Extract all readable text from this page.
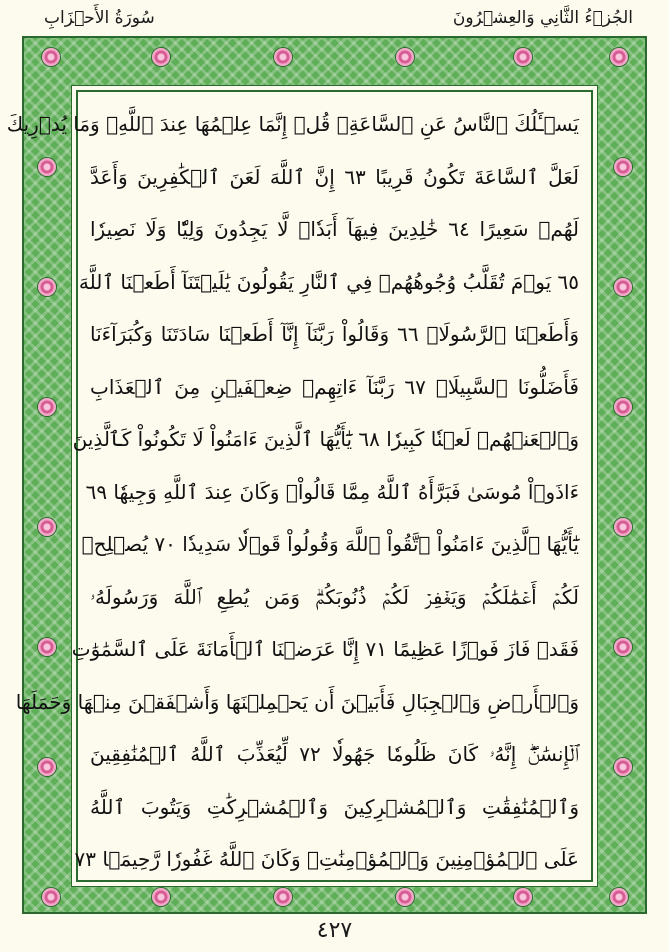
سُورَةُ الأَحۡزَابِ	الجُزۡءُ الثَّانِي وَالعِشۡرُونَ
يَسۡـَٔلُكَ ٱلنَّاسُ عَنِ ٱلسَّاعَةِۖ قُلۡ إِنَّمَا عِلۡمُهَا عِندَ ٱللَّهِۚ وَمَا يُدۡرِيكَ
لَعَلَّ ٱلسَّاعَةَ تَكُونُ قَرِيبًا ٦٣ إِنَّ ٱللَّهَ لَعَنَ ٱلۡكَٰفِرِينَ وَأَعَدَّ
لَهُمۡ سَعِيرًا ٦٤ خَٰلِدِينَ فِيهَآ أَبَدٗاۖ لَّا يَجِدُونَ وَلِيّٗا وَلَا نَصِيرٗا
٦٥ يَوۡمَ تُقَلَّبُ وُجُوهُهُمۡ فِي ٱلنَّارِ يَقُولُونَ يَٰلَيۡتَنَآ أَطَعۡنَا ٱللَّهَ
وَأَطَعۡنَا ٱلرَّسُولَا۠ ٦٦ وَقَالُواْ رَبَّنَآ إِنَّآ أَطَعۡنَا سَادَتَنَا وَكُبَرَآءَنَا
فَأَضَلُّونَا ٱلسَّبِيلَا۠ ٦٧ رَبَّنَآ ءَاتِهِمۡ ضِعۡفَيۡنِ مِنَ ٱلۡعَذَابِ
وَٱلۡعَنۡهُمۡ لَعۡنٗا كَبِيرٗا ٦٨ يَٰٓأَيُّهَا ٱلَّذِينَ ءَامَنُواْ لَا تَكُونُواْ كَٱلَّذِينَ
ءَاذَوۡاْ مُوسَىٰ فَبَرَّأَهُ ٱللَّهُ مِمَّا قَالُواْۚ وَكَانَ عِندَ ٱللَّهِ وَجِيهٗا ٦٩
يَٰٓأَيُّهَا ٱلَّذِينَ ءَامَنُواْ ٱتَّقُواْ ٱللَّهَ وَقُولُواْ قَوۡلٗا سَدِيدٗا ٧٠ يُصۡلِحۡ
لَكُمۡ أَعۡمَٰلَكُمۡ وَيَغۡفِرۡ لَكُمۡ ذُنُوبَكُمۡۗ وَمَن يُطِعِ ٱللَّهَ وَرَسُولَهُۥ
فَقَدۡ فَازَ فَوۡزًا عَظِيمًا ٧١ إِنَّا عَرَضۡنَا ٱلۡأَمَانَةَ عَلَى ٱلسَّمَٰوَٰتِ
وَٱلۡأَرۡضِ وَٱلۡجِبَالِ فَأَبَيۡنَ أَن يَحۡمِلۡنَهَا وَأَشۡفَقۡنَ مِنۡهَا وَحَمَلَهَا
ٱلۡإِنسَٰنُۖ إِنَّهُۥ كَانَ ظَلُومٗا جَهُولٗا ٧٢ لِّيُعَذِّبَ ٱللَّهُ ٱلۡمُنَٰفِقِينَ
وَٱلۡمُنَٰفِقَٰتِ وَٱلۡمُشۡرِكِينَ وَٱلۡمُشۡرِكَٰتِ وَيَتُوبَ ٱللَّهُ
عَلَى ٱلۡمُؤۡمِنِينَ وَٱلۡمُؤۡمِنَٰتِۗ وَكَانَ ٱللَّهُ غَفُورٗا رَّحِيمَۢا ٧٣
٤٢٧
